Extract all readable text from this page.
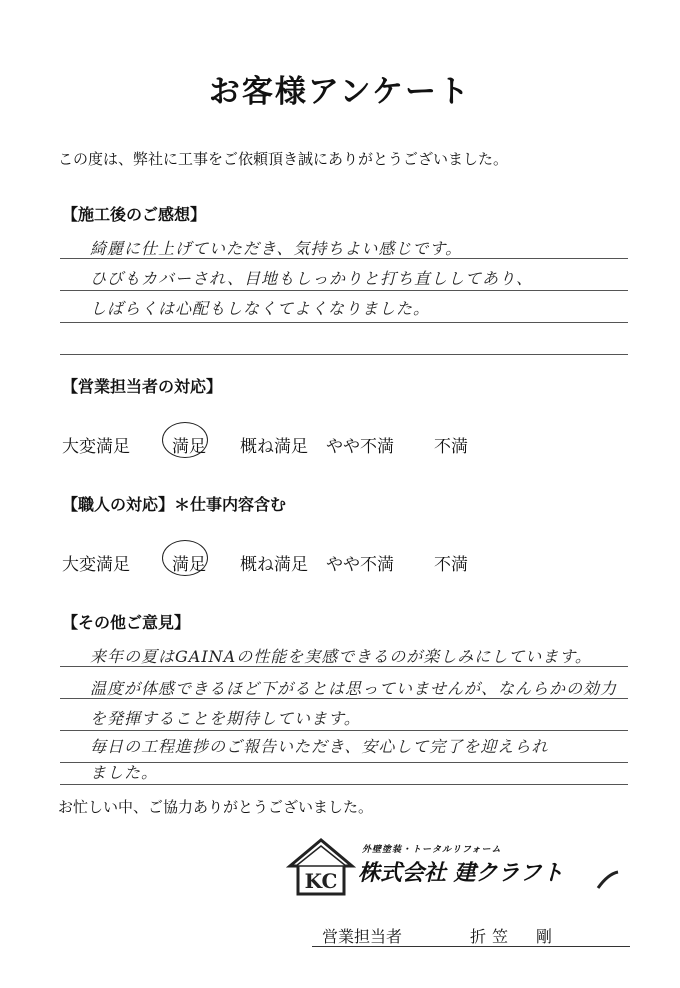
お客様アンケート
この度は、弊社に工事をご依頼頂き誠にありがとうございました。
【施工後のご感想】
綺麗に仕上げていただき、気持ちよい感じです。
ひびもカバーされ、目地もしっかりと打ち直ししてあり、
しばらくは心配もしなくてよくなりました。
【営業担当者の対応】
大変満足 満足 概ね満足 やや不満 不満
【職人の対応】＊仕事内容含む
大変満足 満足 概ね満足 やや不満 不満
【その他ご意見】
来年の夏はGAINAの性能を実感できるのが楽しみにしています。
温度が体感できるほど下がるとは思っていませんが、なんらかの効力
を発揮することを期待しています。
毎日の工程進捗のご報告いただき、安心して完了を迎えられ
ました。
お忙しい中、ご協力ありがとうございました。
KC
外壁塗装・トータルリフォーム
株式会社 建クラフト
営業担当者	折笠　剛
